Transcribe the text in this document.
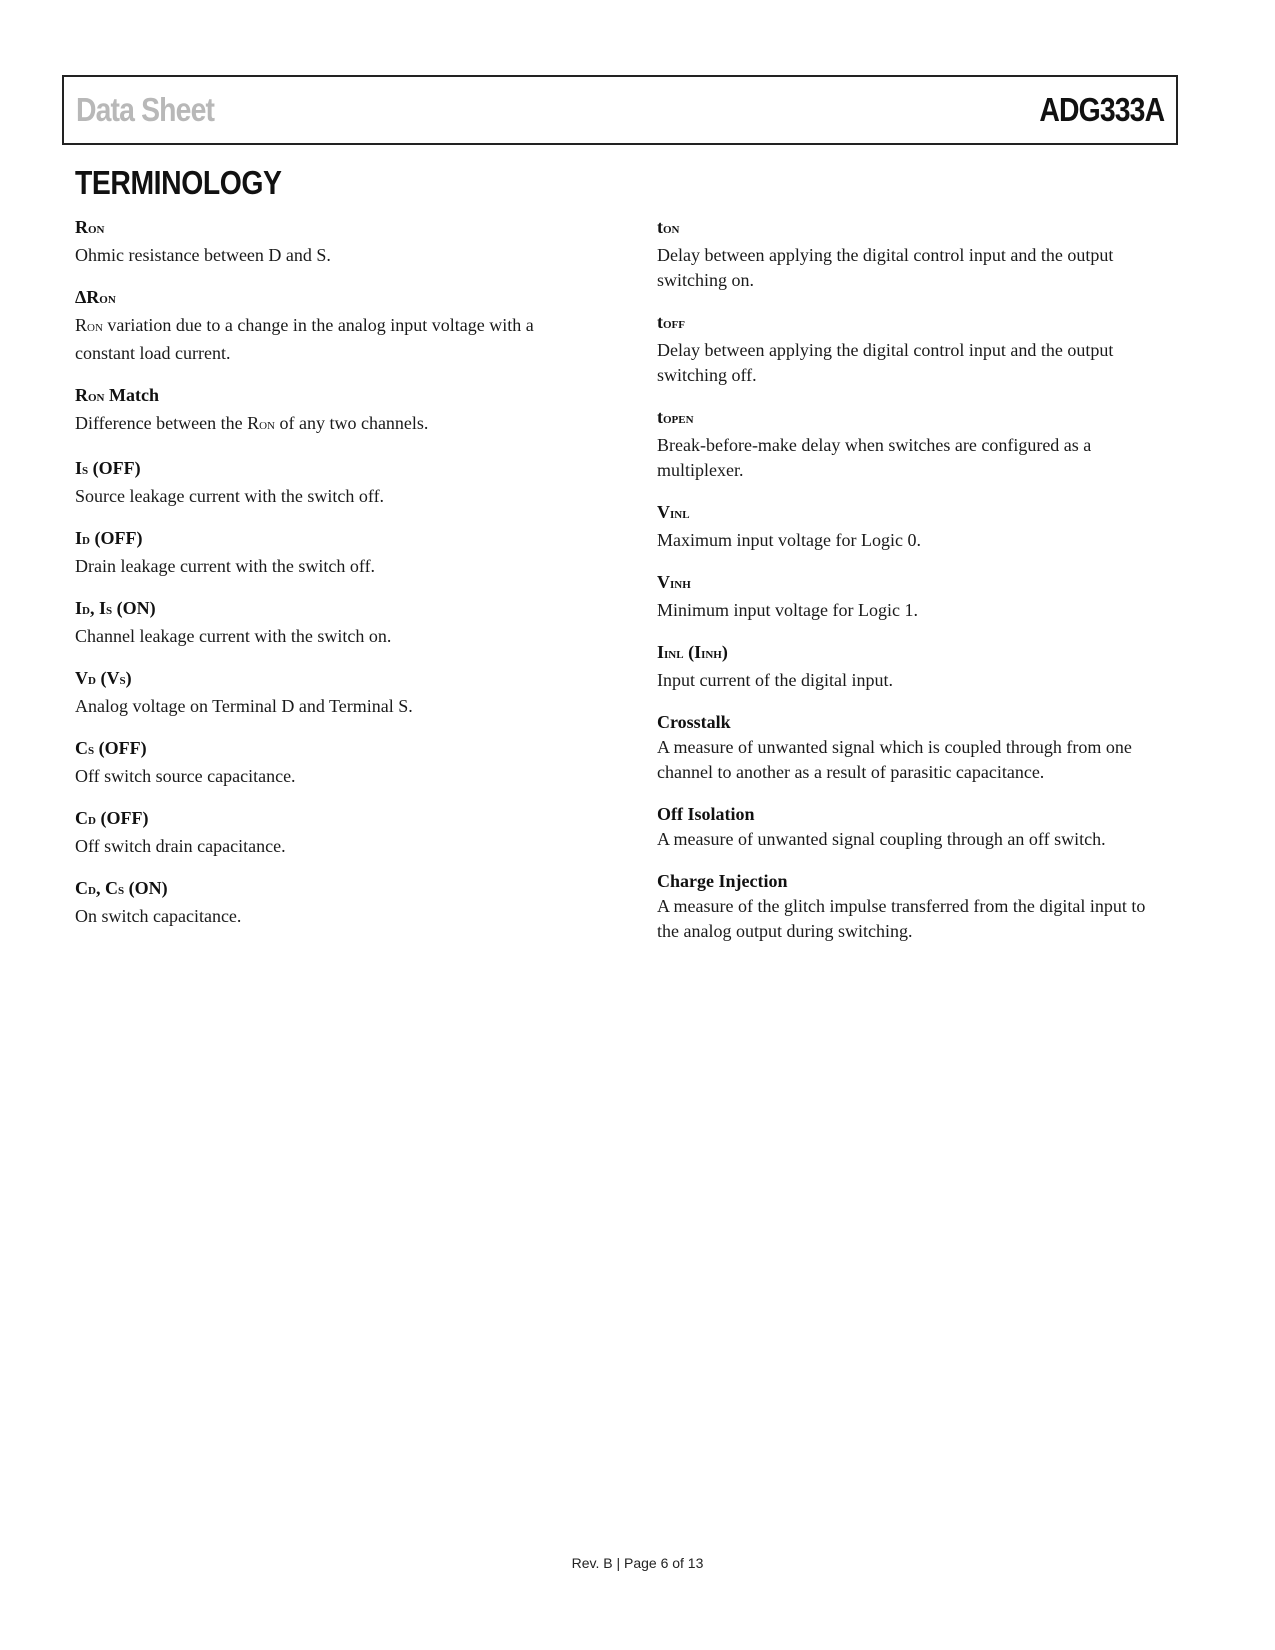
Data Sheet	ADG333A
TERMINOLOGY
RON
Ohmic resistance between D and S.
ΔRON
RON variation due to a change in the analog input voltage with a constant load current.
RON Match
Difference between the RON of any two channels.
IS (OFF)
Source leakage current with the switch off.
ID (OFF)
Drain leakage current with the switch off.
ID, IS (ON)
Channel leakage current with the switch on.
VD (VS)
Analog voltage on Terminal D and Terminal S.
CS (OFF)
Off switch source capacitance.
CD (OFF)
Off switch drain capacitance.
CD, CS (ON)
On switch capacitance.
tON
Delay between applying the digital control input and the output switching on.
tOFF
Delay between applying the digital control input and the output switching off.
tOPEN
Break-before-make delay when switches are configured as a multiplexer.
VINL
Maximum input voltage for Logic 0.
VINH
Minimum input voltage for Logic 1.
IINL (IINH)
Input current of the digital input.
Crosstalk
A measure of unwanted signal which is coupled through from one channel to another as a result of parasitic capacitance.
Off Isolation
A measure of unwanted signal coupling through an off switch.
Charge Injection
A measure of the glitch impulse transferred from the digital input to the analog output during switching.
Rev. B | Page 6 of 13
